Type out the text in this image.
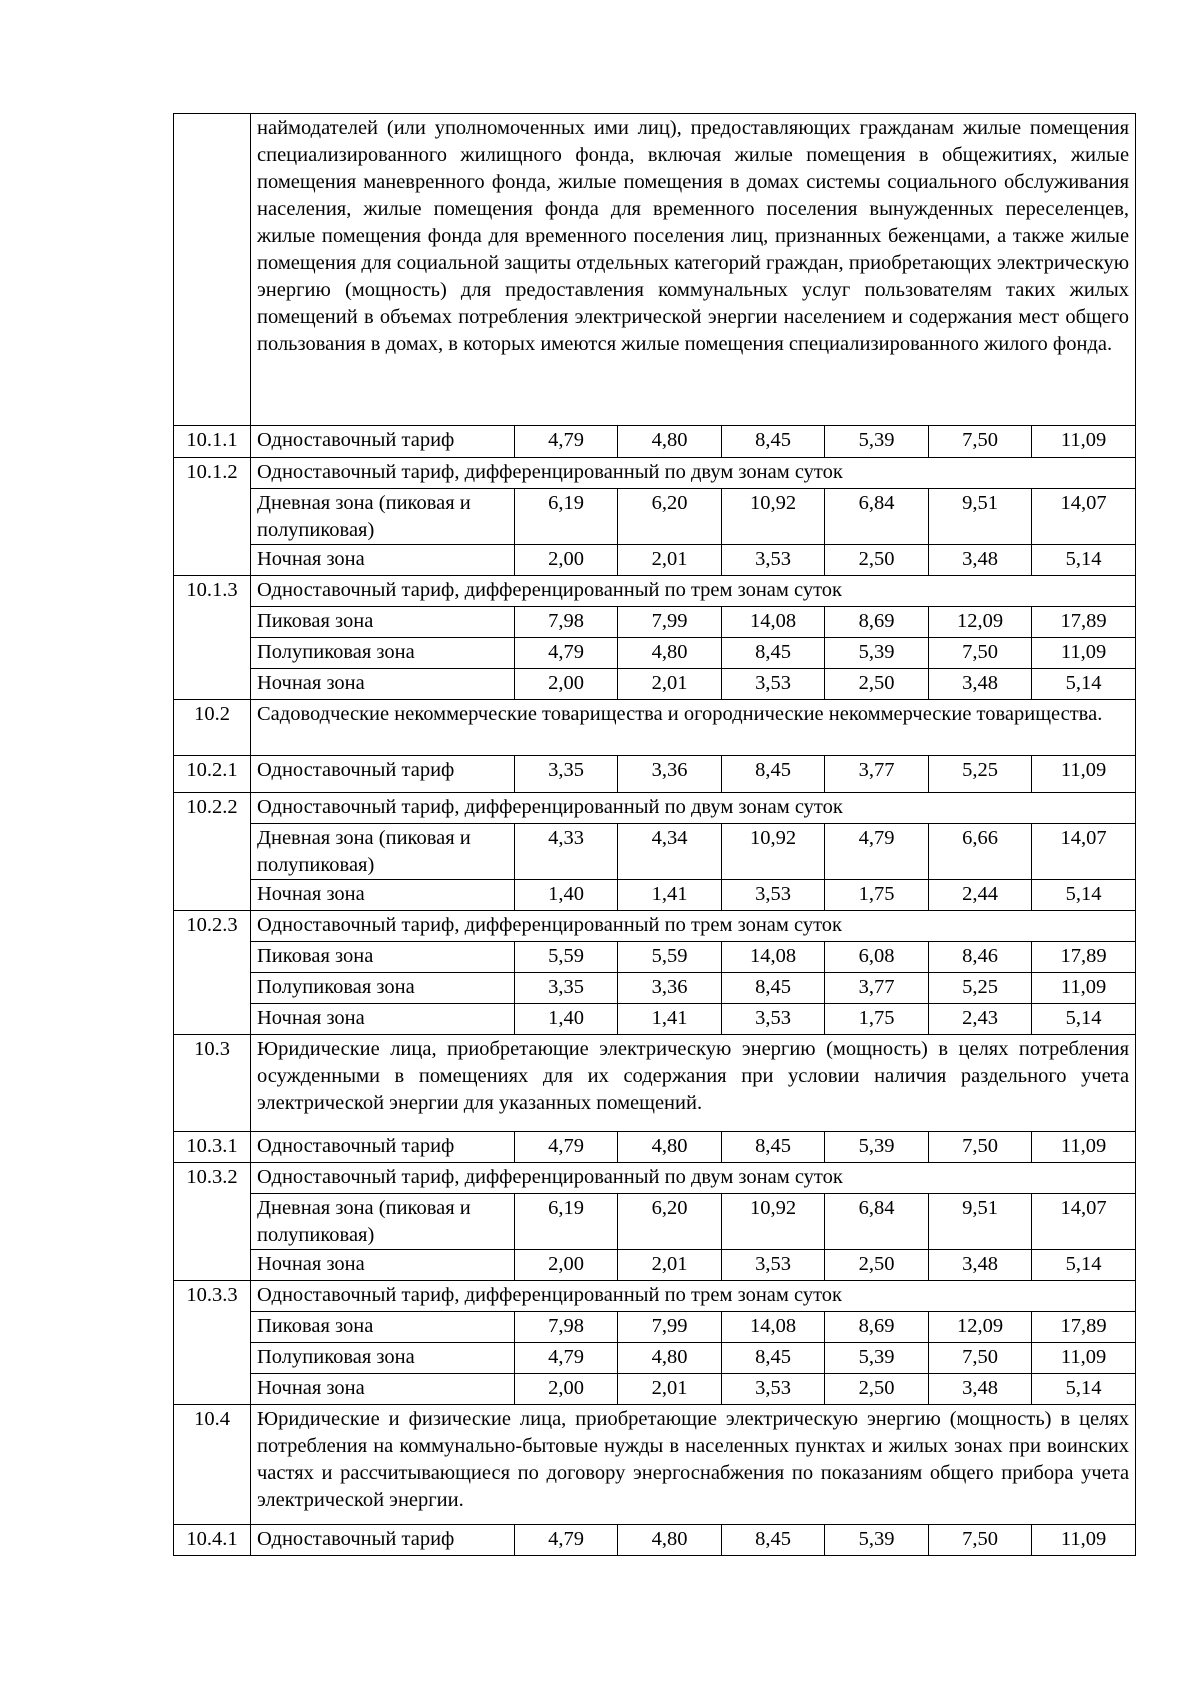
	наймодателей (или уполномоченных ими лиц), предоставляющих гражданам жилые помещения специализированного жилищного фонда, включая жилые помещения в общежитиях, жилые помещения маневренного фонда, жилые помещения в домах системы социального обслуживания населения, жилые помещения фонда для временного поселения вынужденных переселенцев, жилые помещения фонда для временного поселения лиц, признанных беженцами, а также жилые помещения для социальной защиты отдельных категорий граждан, приобретающих электрическую энергию (мощность) для предоставления коммунальных услуг пользователям таких жилых помещений в объемах потребления электрической энергии населением и содержания мест общего пользования в домах, в которых имеются жилые помещения специализированного жилого фонда.						
10.1.1	Одноставочный тариф	4,79	4,80	8,45	5,39	7,50	11,09
10.1.2	Одноставочный тариф, дифференцированный по двум зонам суток						
	Дневная зона (пиковая и полупиковая)	6,19	6,20	10,92	6,84	9,51	14,07
	Ночная зона	2,00	2,01	3,53	2,50	3,48	5,14
10.1.3	Одноставочный тариф, дифференцированный по трем зонам суток						
	Пиковая зона	7,98	7,99	14,08	8,69	12,09	17,89
	Полупиковая зона	4,79	4,80	8,45	5,39	7,50	11,09
	Ночная зона	2,00	2,01	3,53	2,50	3,48	5,14
10.2	Садоводческие некоммерческие товарищества и огороднические некоммерческие товарищества.						
10.2.1	Одноставочный тариф	3,35	3,36	8,45	3,77	5,25	11,09
10.2.2	Одноставочный тариф, дифференцированный по двум зонам суток						
	Дневная зона (пиковая и полупиковая)	4,33	4,34	10,92	4,79	6,66	14,07
	Ночная зона	1,40	1,41	3,53	1,75	2,44	5,14
10.2.3	Одноставочный тариф, дифференцированный по трем зонам суток						
	Пиковая зона	5,59	5,59	14,08	6,08	8,46	17,89
	Полупиковая зона	3,35	3,36	8,45	3,77	5,25	11,09
	Ночная зона	1,40	1,41	3,53	1,75	2,43	5,14
10.3	Юридические лица, приобретающие электрическую энергию (мощность) в целях потребления осужденными в помещениях для их содержания при условии наличия раздельного учета электрической энергии для указанных помещений.						
10.3.1	Одноставочный тариф	4,79	4,80	8,45	5,39	7,50	11,09
10.3.2	Одноставочный тариф, дифференцированный по двум зонам суток						
	Дневная зона (пиковая и полупиковая)	6,19	6,20	10,92	6,84	9,51	14,07
	Ночная зона	2,00	2,01	3,53	2,50	3,48	5,14
10.3.3	Одноставочный тариф, дифференцированный по трем зонам суток						
	Пиковая зона	7,98	7,99	14,08	8,69	12,09	17,89
	Полупиковая зона	4,79	4,80	8,45	5,39	7,50	11,09
	Ночная зона	2,00	2,01	3,53	2,50	3,48	5,14
10.4	Юридические и физические лица, приобретающие электрическую энергию (мощность) в целях потребления на коммунально-бытовые нужды в населенных пунктах и жилых зонах при воинских частях и рассчитывающиеся по договору энергоснабжения по показаниям общего прибора учета электрической энергии.						
10.4.1	Одноставочный тариф	4,79	4,80	8,45	5,39	7,50	11,09
